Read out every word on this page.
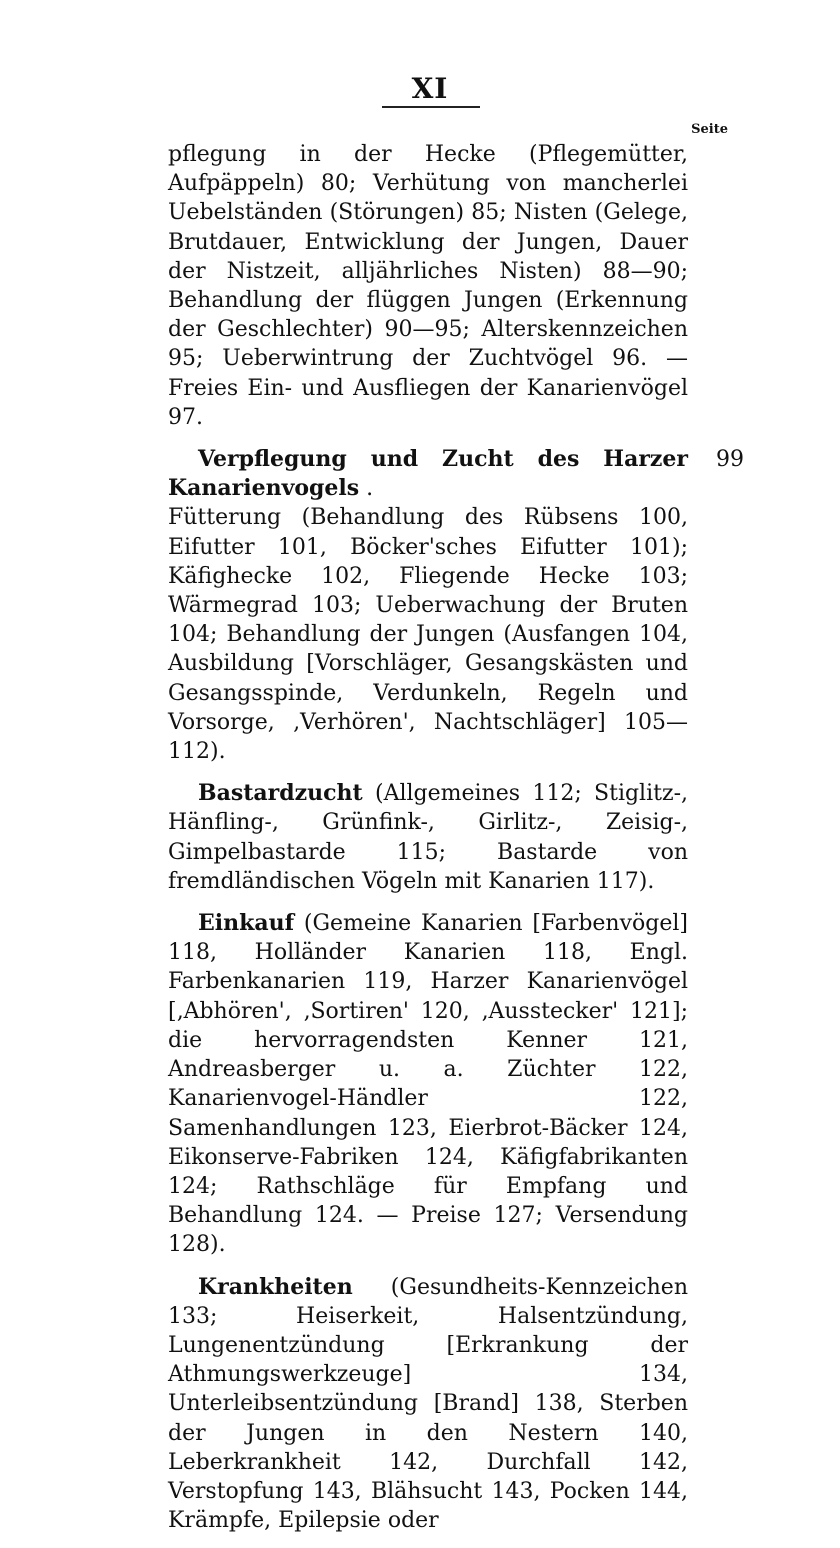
XI
Seite
pflegung in der Hecke (Pflegemütter, Aufpäppeln) 80; Verhütung von mancherlei Uebelständen (Störungen) 85; Nisten (Gelege, Brutdauer, Entwicklung der Jungen, Dauer der Nistzeit, alljährliches Nisten) 88—90; Behandlung der flüggen Jungen (Erkennung der Geschlechter) 90—95; Alterskennzeichen 95; Ueberwintrung der Zuchtvögel 96. — Freies Ein- und Ausfliegen der Kanarienvögel 97.
Verpflegung und Zucht des Harzer Kanarienvogels .
99
Fütterung (Behandlung des Rübsens 100, Eifutter 101, Böcker'sches Eifutter 101); Käfighecke 102, Fliegende Hecke 103; Wärmegrad 103; Ueberwachung der Bruten 104; Behandlung der Jungen (Ausfangen 104, Ausbildung [Vorschläger, Gesangskästen und Gesangsspinde, Verdunkeln, Regeln und Vorsorge, ‚Verhören', Nachtschläger] 105—112).
Bastardzucht (Allgemeines 112; Stiglitz-, Hänfling-, Grünfink-, Girlitz-, Zeisig-, Gimpelbastarde 115; Bastarde von fremdländischen Vögeln mit Kanarien 117).
Einkauf (Gemeine Kanarien [Farbenvögel] 118, Holländer Kanarien 118, Engl. Farbenkanarien 119, Harzer Kanarienvögel [‚Abhören', ‚Sortiren' 120, ‚Ausstecker' 121]; die hervorragendsten Kenner 121, Andreasberger u. a. Züchter 122, Kanarienvogel-Händler 122, Samenhandlungen 123, Eierbrot-Bäcker 124, Eikonserve-Fabriken 124, Käfigfabrikanten 124; Rathschläge für Empfang und Behandlung 124. — Preise 127; Versendung 128).
Krankheiten (Gesundheits-Kennzeichen 133; Heiserkeit, Halsentzündung, Lungenentzündung [Erkrankung der Athmungswerkzeuge] 134, Unterleibsentzündung [Brand] 138, Sterben der Jungen in den Nestern 140, Leberkrankheit 142, Durchfall 142, Verstopfung 143, Blähsucht 143, Pocken 144, Krämpfe, Epilepsie oder
